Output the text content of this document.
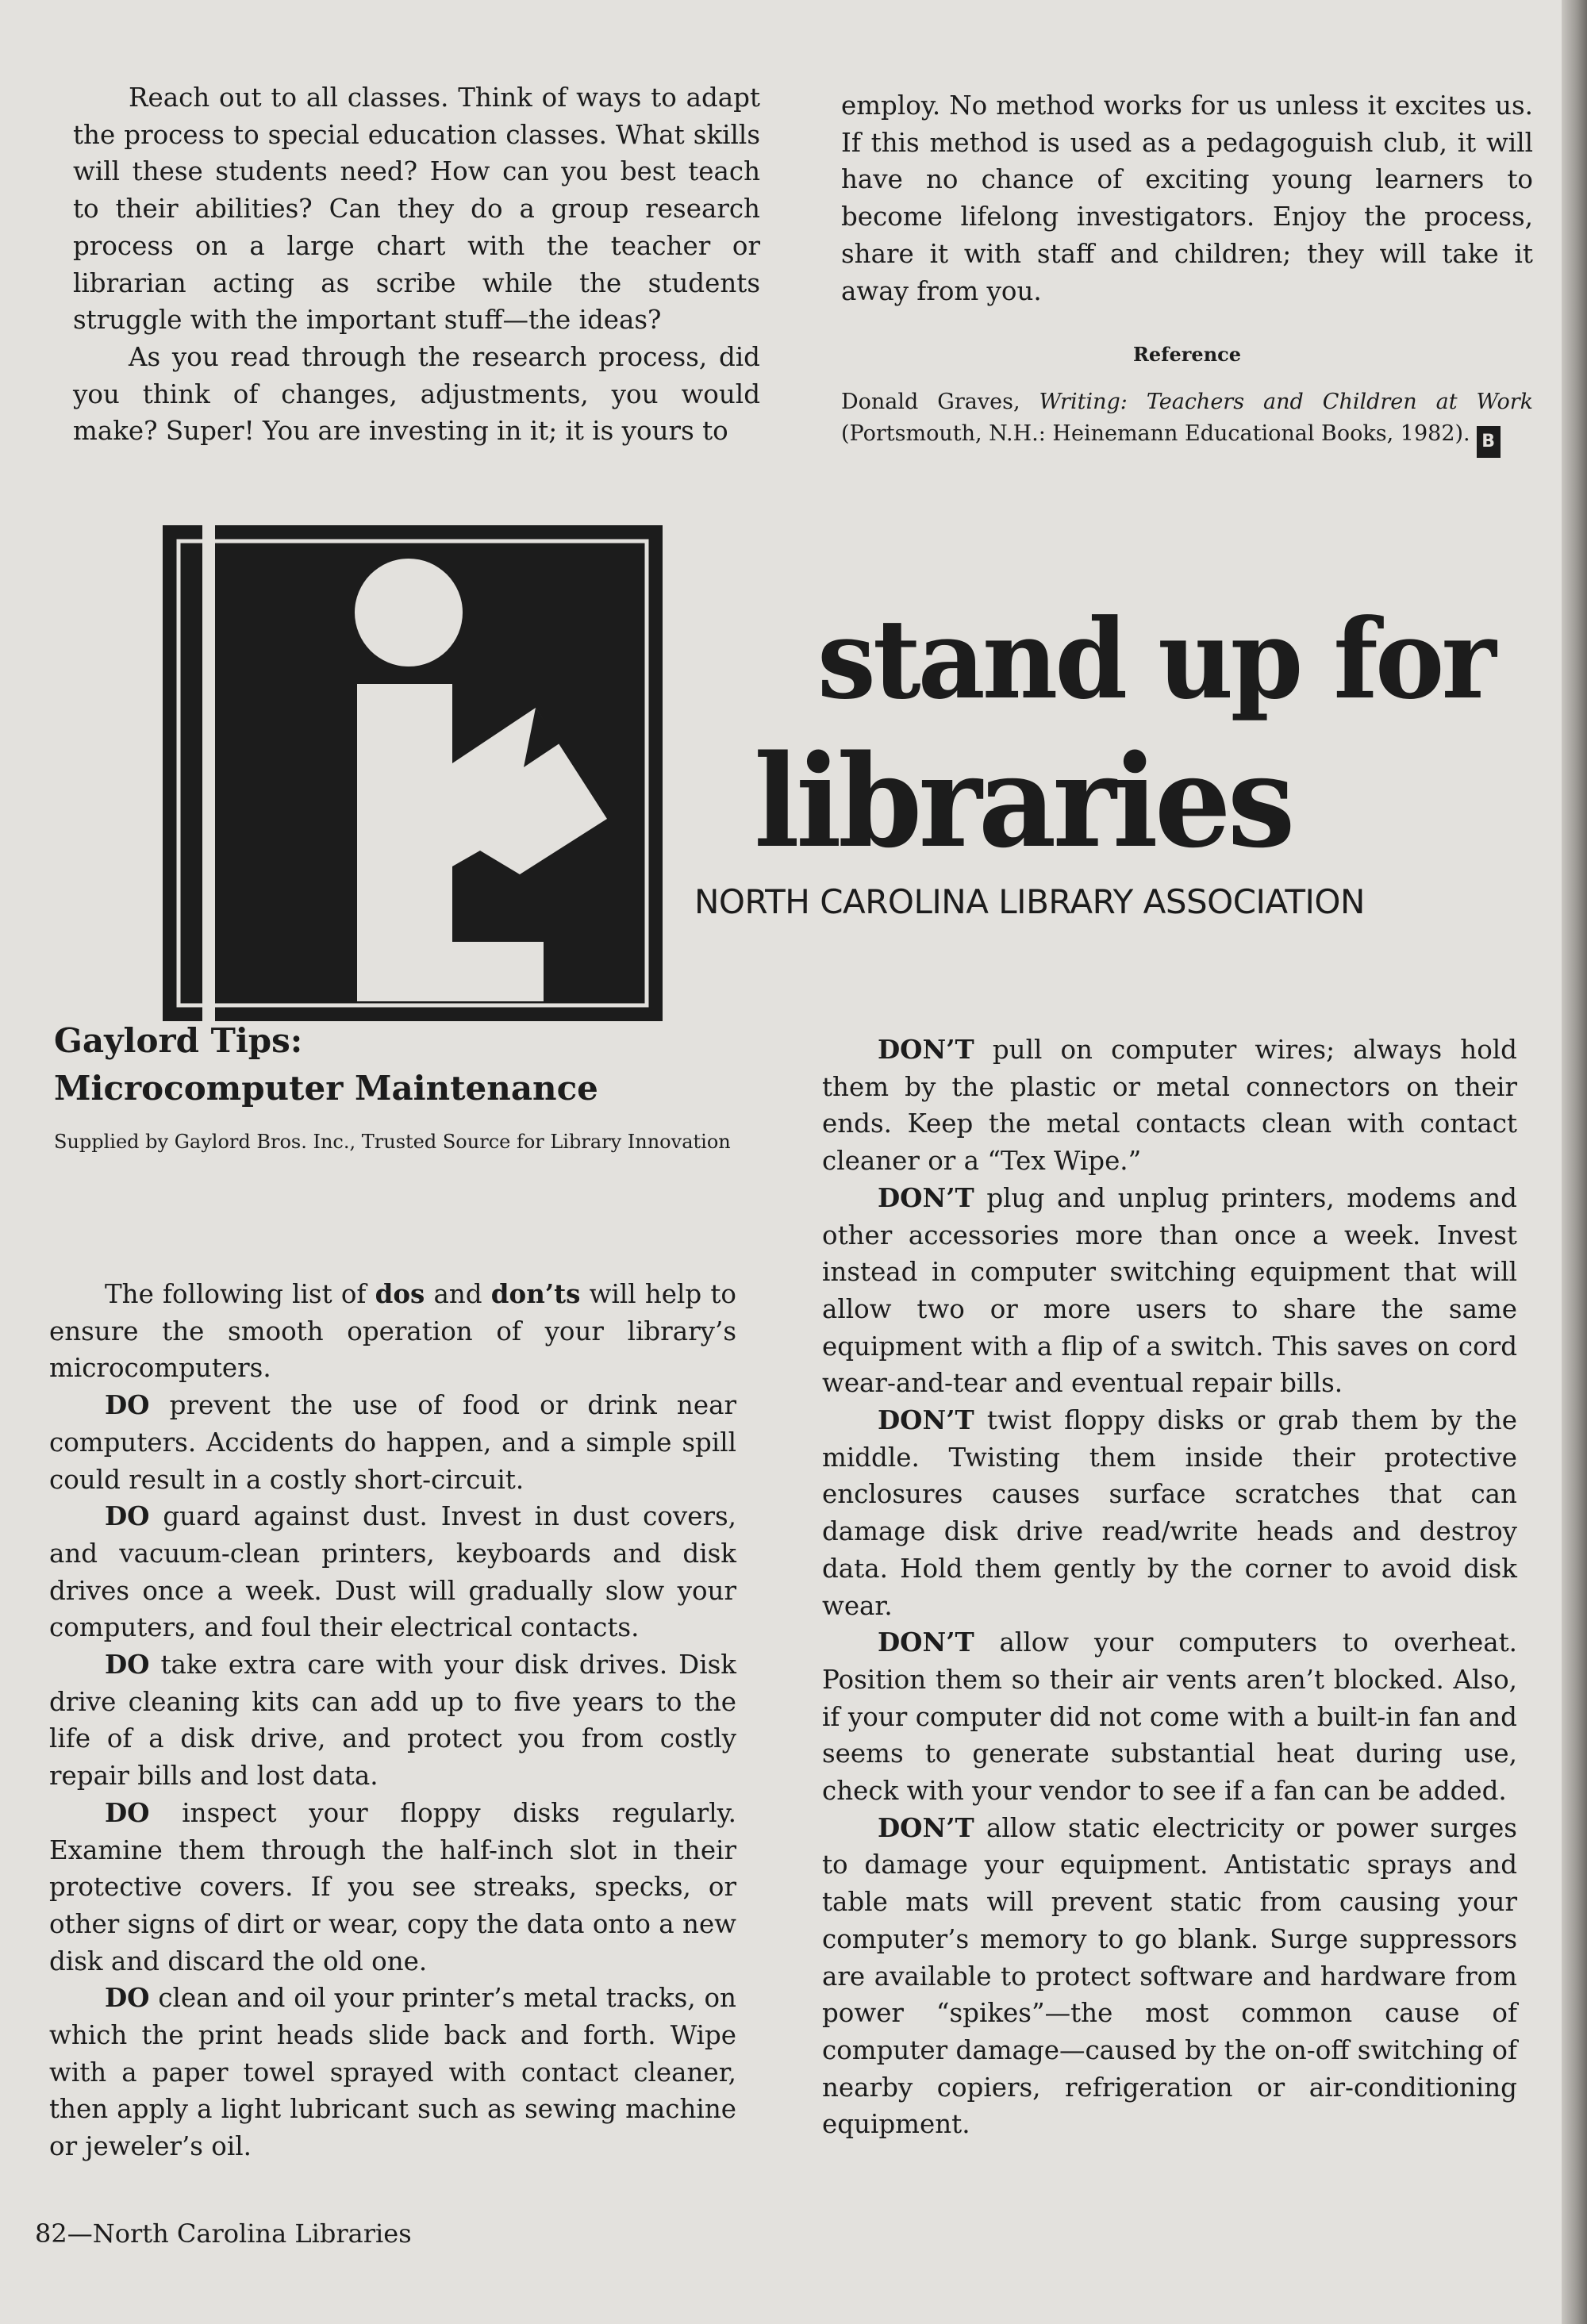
Reach out to all classes. Think of ways to adapt the process to special education classes. What skills will these students need? How can you best teach to their abilities? Can they do a group research process on a large chart with the teacher or librarian acting as scribe while the students struggle with the important stuff—the ideas?

As you read through the research process, did you think of changes, adjustments, you would make? Super! You are investing in it; it is yours to

employ. No method works for us unless it excites us. If this method is used as a pedagoguish club, it will have no chance of exciting young learners to become lifelong investigators. Enjoy the process, share it with staff and children; they will take it away from you.

Reference
Donald Graves, Writing: Teachers and Children at Work (Portsmouth, N.H.: Heinemann Educational Books, 1982). B
stand up for
libraries
NORTH CAROLINA LIBRARY ASSOCIATION
Gaylord Tips:
Microcomputer Maintenance
Supplied by Gaylord Bros. Inc., Trusted Source for Library Innovation

The following list of dos and don’ts will help to ensure the smooth operation of your library’s microcomputers.

DO prevent the use of food or drink near computers. Accidents do happen, and a simple spill could result in a costly short-circuit.

DO guard against dust. Invest in dust covers, and vacuum-clean printers, keyboards and disk drives once a week. Dust will gradually slow your computers, and foul their electrical contacts.

DO take extra care with your disk drives. Disk drive cleaning kits can add up to five years to the life of a disk drive, and protect you from costly repair bills and lost data.

DO inspect your floppy disks regularly. Examine them through the half-inch slot in their protective covers. If you see streaks, specks, or other signs of dirt or wear, copy the data onto a new disk and discard the old one.

DO clean and oil your printer’s metal tracks, on which the print heads slide back and forth. Wipe with a paper towel sprayed with contact cleaner, then apply a light lubricant such as sewing machine or jeweler’s oil.

DON’T pull on computer wires; always hold them by the plastic or metal connectors on their ends. Keep the metal contacts clean with contact cleaner or a “Tex Wipe.”

DON’T plug and unplug printers, modems and other accessories more than once a week. Invest instead in computer switching equipment that will allow two or more users to share the same equipment with a flip of a switch. This saves on cord wear-and-tear and eventual repair bills.

DON’T twist floppy disks or grab them by the middle. Twisting them inside their protective enclosures causes surface scratches that can damage disk drive read/write heads and destroy data. Hold them gently by the corner to avoid disk wear.

DON’T allow your computers to overheat. Position them so their air vents aren’t blocked. Also, if your computer did not come with a built-in fan and seems to generate substantial heat during use, check with your vendor to see if a fan can be added.

DON’T allow static electricity or power surges to damage your equipment. Antistatic sprays and table mats will prevent static from causing your computer’s memory to go blank. Surge suppressors are available to protect software and hardware from power “spikes”—the most common cause of computer damage—caused by the on-off switching of nearby copiers, refrigeration or air-conditioning equipment.

82—North Carolina Libraries
